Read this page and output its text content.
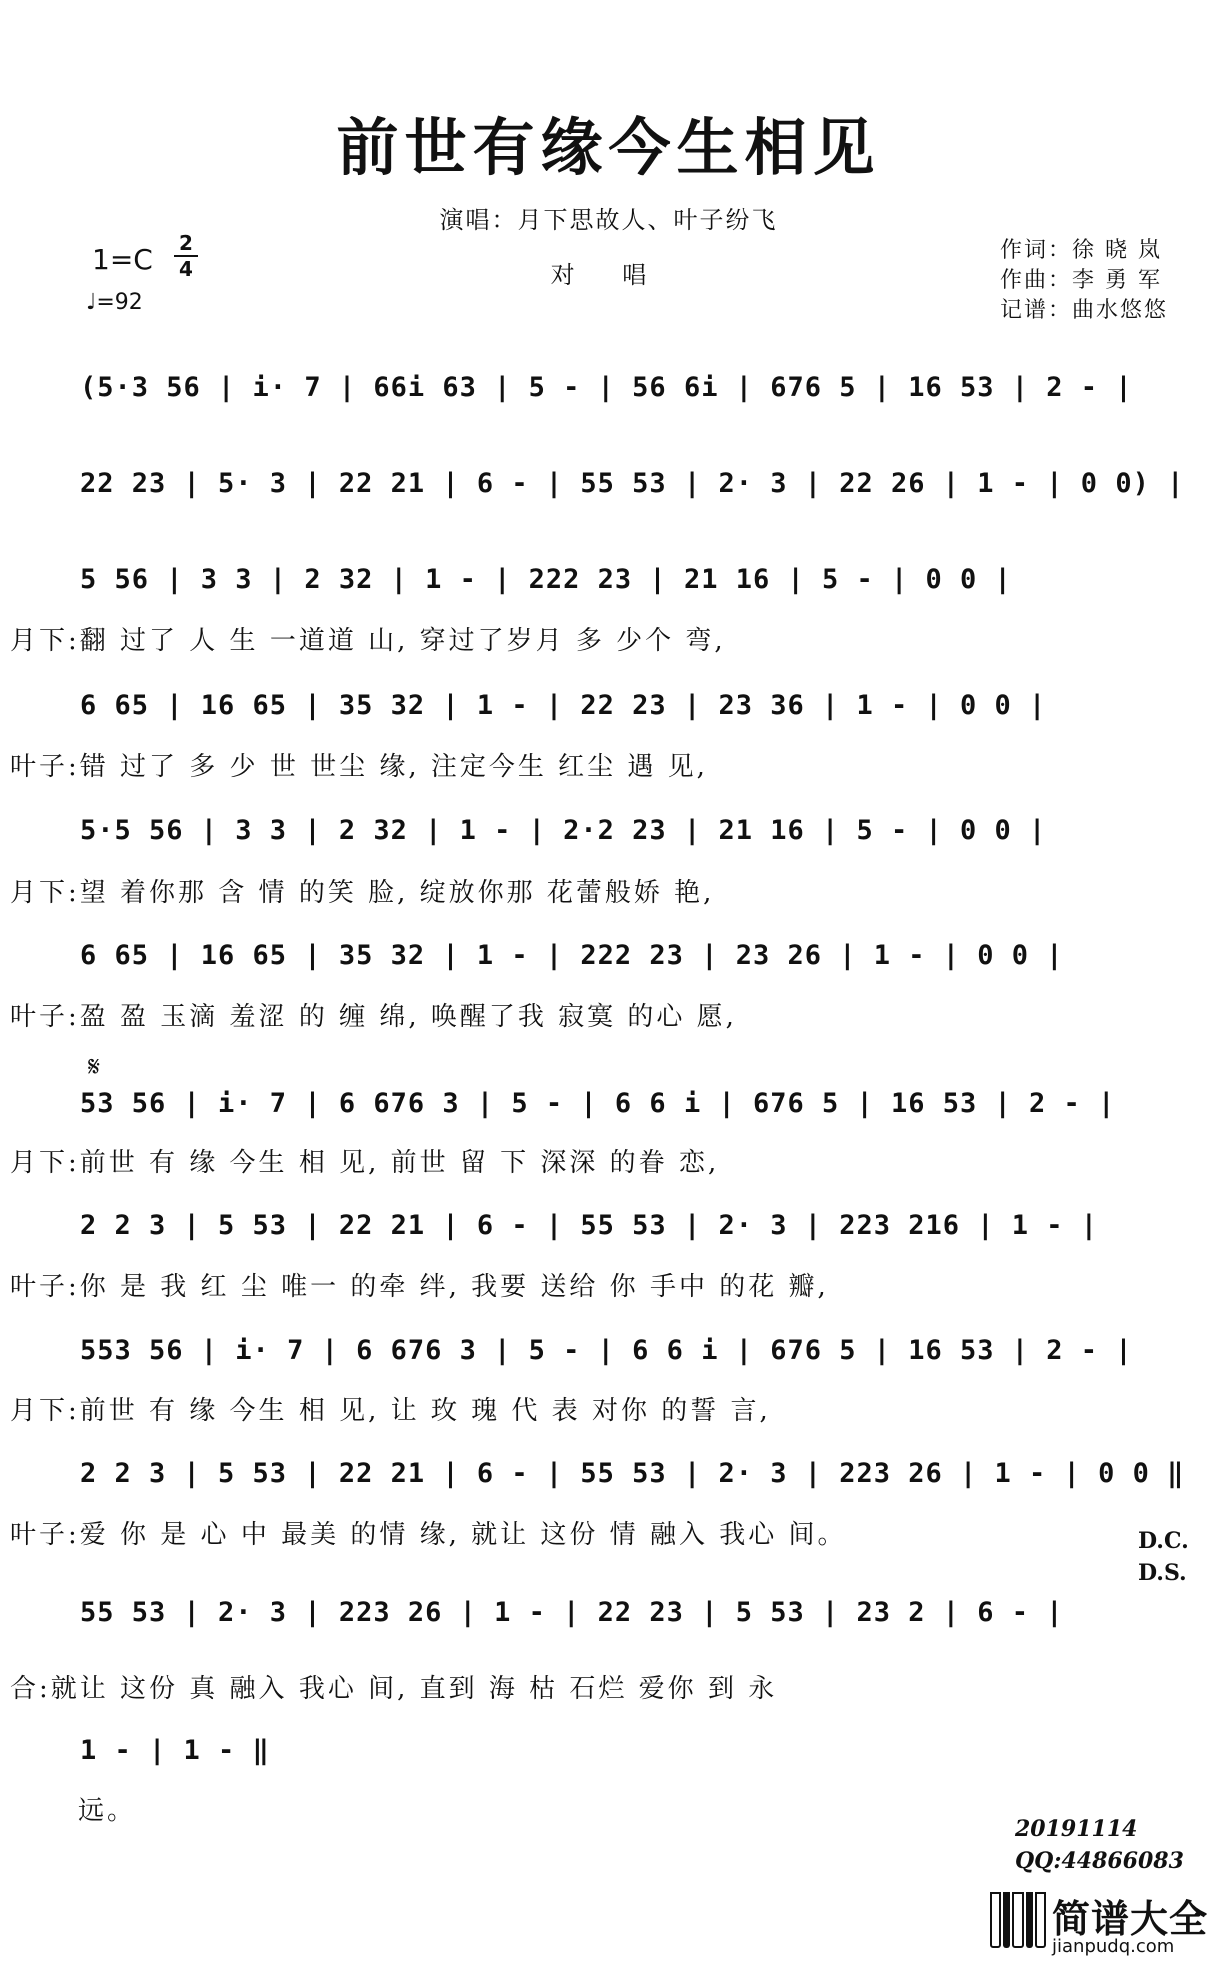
前世有缘今生相见
演唱：月下思故人、叶子纷飞
对 唱
1=C 2
4
♩=92
作词：徐 晓 岚
作曲：李 勇 军
记谱：曲水悠悠
𝄋
(5·3 56 | i· 7 | 66i 63 | 5 - | 56 6i | 676 5 | 16 53 | 2 - |
22 23 | 5· 3 | 22 21 | 6 - | 55 53 | 2· 3 | 22 26 | 1 - | 0 0) |
5 56 | 3 3 | 2 32 | 1 - | 222 23 | 21 16 | 5 - | 0 0 |
月下:翻 过了 人 生 一道道 山, 穿过了岁月 多 少个 弯,
6 65 | 16 65 | 35 32 | 1 - | 22 23 | 23 36 | 1 - | 0 0 |
叶子:错 过了 多 少 世 世尘 缘, 注定今生 红尘 遇 见,
5·5 56 | 3 3 | 2 32 | 1 - | 2·2 23 | 21 16 | 5 - | 0 0 |
月下:望 着你那 含 情 的笑 脸, 绽放你那 花蕾般娇 艳,
6 65 | 16 65 | 35 32 | 1 - | 222 23 | 23 26 | 1 - | 0 0 |
叶子:盈 盈 玉滴 羞涩 的 缠 绵, 唤醒了我 寂寞 的心 愿,
53 56 | i· 7 | 6 676 3 | 5 - | 6 6 i | 676 5 | 16 53 | 2 - |
月下:前世 有 缘 今生 相 见, 前世 留 下 深深 的眷 恋,
2 2 3 | 5 53 | 22 21 | 6 - | 55 53 | 2· 3 | 223 216 | 1 - |
叶子:你 是 我 红 尘 唯一 的牵 绊, 我要 送给 你 手中 的花 瓣,
553 56 | i· 7 | 6 676 3 | 5 - | 6 6 i | 676 5 | 16 53 | 2 - |
月下:前世 有 缘 今生 相 见, 让 玫 瑰 代 表 对你 的誓 言,
2 2 3 | 5 53 | 22 21 | 6 - | 55 53 | 2· 3 | 223 26 | 1 - | 0 0 ‖
叶子:爱 你 是 心 中 最美 的情 缘, 就让 这份 情 融入 我心 间。
55 53 | 2· 3 | 223 26 | 1 - | 22 23 | 5 53 | 23 2 | 6 - |
合:就让 这份 真 融入 我心 间, 直到 海 枯 石烂 爱你 到 永
1 - | 1 - ‖
远。
D.C.
D.S.
20191114
QQ:44866083
简谱大全
jianpudq.com
